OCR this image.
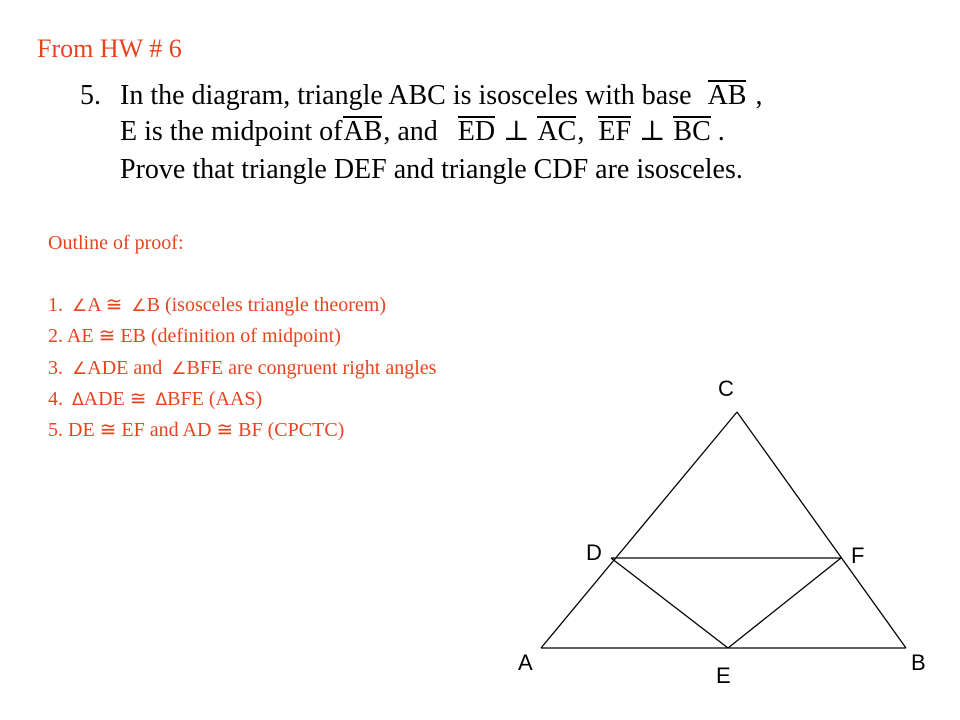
From HW # 6
5. In the diagram, triangle ABC is isosceles with base AB ,
E is the midpoint ofAB, and ED ⊥ AC, EF ⊥ BC .
Prove that triangle DEF and triangle CDF are isosceles.
Outline of proof:
1. ∠A ≅ ∠B (isosceles triangle theorem)
2. AE ≅ EB (definition of midpoint)
3. ∠ADE and ∠BFE are congruent right angles
4. ΔADE ≅ ΔBFE (AAS)
5. DE ≅ EF and AD ≅ BF (CPCTC)
C
D	F
A
E
B
